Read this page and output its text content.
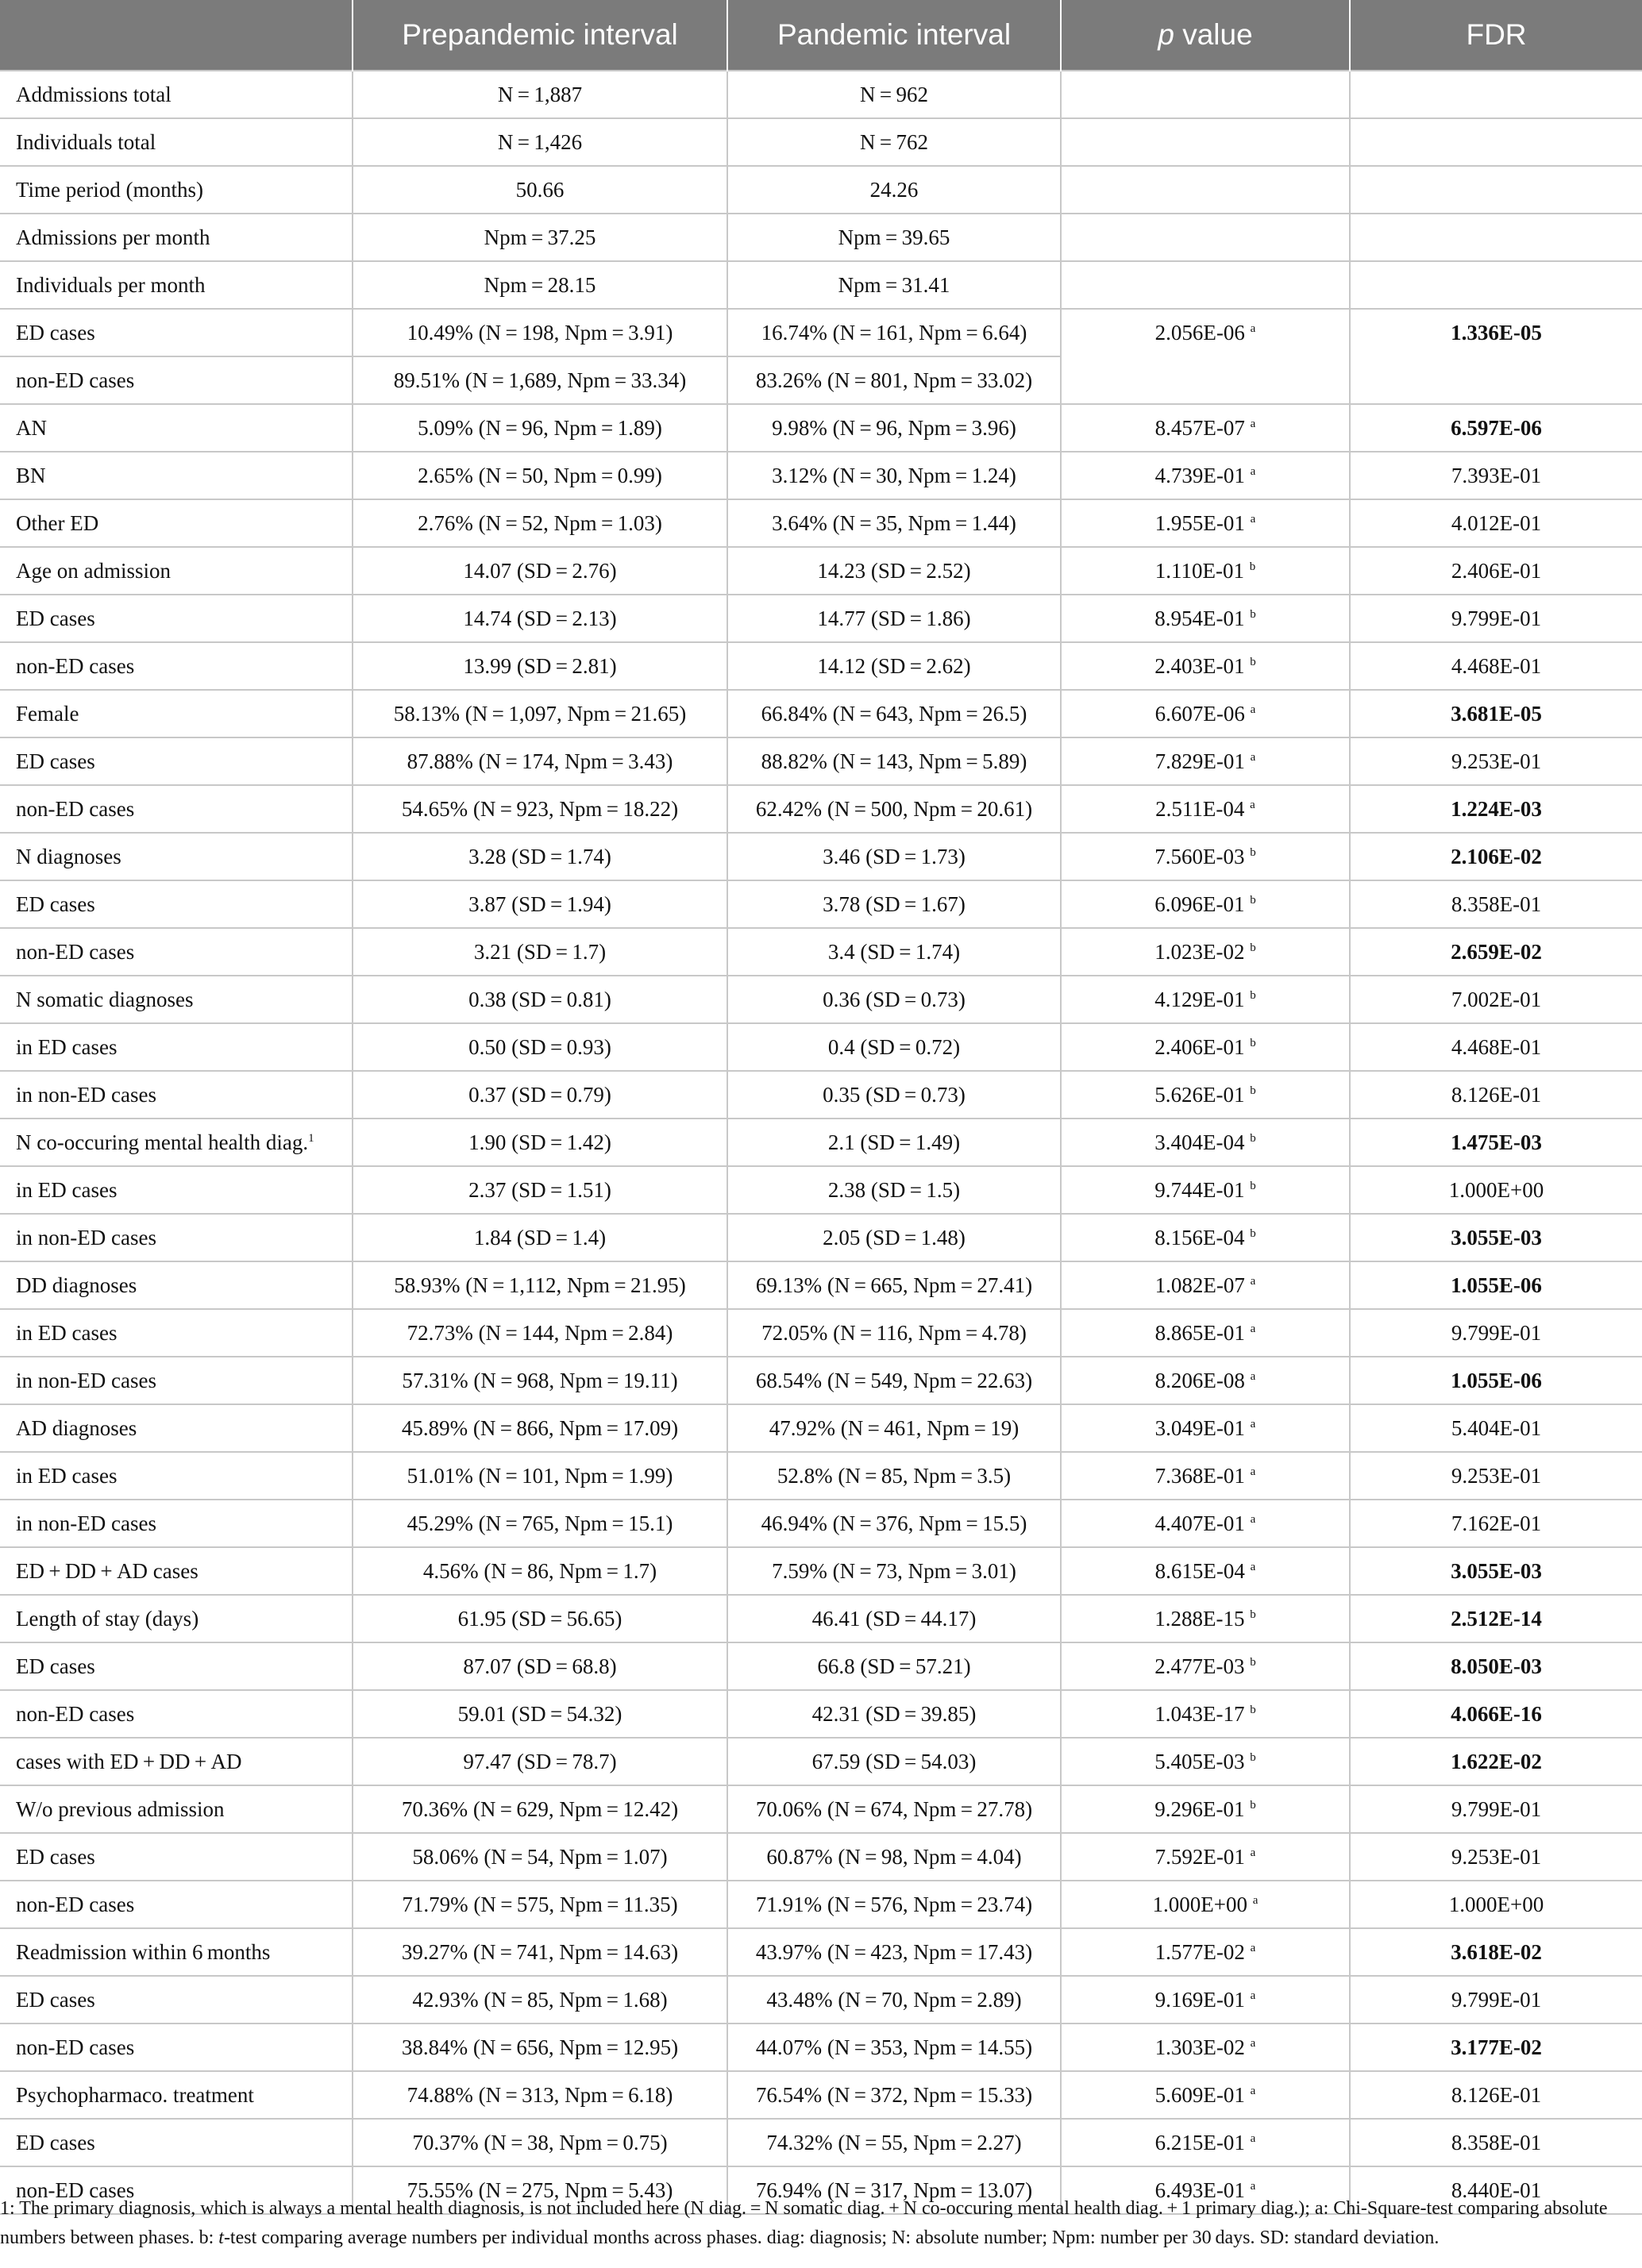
	Prepandemic interval	Pandemic interval	p value	FDR
Addmissions total	N = 1,887	N = 962		
Individuals total	N = 1,426	N = 762		
Time period (months)	50.66	24.26		
Admissions per month	Npm = 37.25	Npm = 39.65		
Individuals per month	Npm = 28.15	Npm = 31.41		
ED cases	10.49% (N = 198, Npm = 3.91)	16.74% (N = 161, Npm = 6.64)	2.056E-06 $^a$	1.336E-05
non-ED cases	89.51% (N = 1,689, Npm = 33.34)	83.26% (N = 801, Npm = 33.02)		
AN	5.09% (N = 96, Npm = 1.89)	9.98% (N = 96, Npm = 3.96)	8.457E-07 $^a$	6.597E-06
BN	2.65% (N = 50, Npm = 0.99)	3.12% (N = 30, Npm = 1.24)	4.739E-01 $^a$	7.393E-01
Other ED	2.76% (N = 52, Npm = 1.03)	3.64% (N = 35, Npm = 1.44)	1.955E-01 $^a$	4.012E-01
Age on admission	14.07 (SD = 2.76)	14.23 (SD = 2.52)	1.110E-01 $^b$	2.406E-01
ED cases	14.74 (SD = 2.13)	14.77 (SD = 1.86)	8.954E-01 $^b$	9.799E-01
non-ED cases	13.99 (SD = 2.81)	14.12 (SD = 2.62)	2.403E-01 $^b$	4.468E-01
Female	58.13% (N = 1,097, Npm = 21.65)	66.84% (N = 643, Npm = 26.5)	6.607E-06 $^a$	3.681E-05
ED cases	87.88% (N = 174, Npm = 3.43)	88.82% (N = 143, Npm = 5.89)	7.829E-01 $^a$	9.253E-01
non-ED cases	54.65% (N = 923, Npm = 18.22)	62.42% (N = 500, Npm = 20.61)	2.511E-04 $^a$	1.224E-03
N diagnoses	3.28 (SD = 1.74)	3.46 (SD = 1.73)	7.560E-03 $^b$	2.106E-02
ED cases	3.87 (SD = 1.94)	3.78 (SD = 1.67)	6.096E-01 $^b$	8.358E-01
non-ED cases	3.21 (SD = 1.7)	3.4 (SD = 1.74)	1.023E-02 $^b$	2.659E-02
N somatic diagnoses	0.38 (SD = 0.81)	0.36 (SD = 0.73)	4.129E-01 $^b$	7.002E-01
in ED cases	0.50 (SD = 0.93)	0.4 (SD = 0.72)	2.406E-01 $^b$	4.468E-01
in non-ED cases	0.37 (SD = 0.79)	0.35 (SD = 0.73)	5.626E-01 $^b$	8.126E-01
N co-occuring mental health diag.$^1$	1.90 (SD = 1.42)	2.1 (SD = 1.49)	3.404E-04 $^b$	1.475E-03
in ED cases	2.37 (SD = 1.51)	2.38 (SD = 1.5)	9.744E-01 $^b$	1.000E+00
in non-ED cases	1.84 (SD = 1.4)	2.05 (SD = 1.48)	8.156E-04 $^b$	3.055E-03
DD diagnoses	58.93% (N = 1,112, Npm = 21.95)	69.13% (N = 665, Npm = 27.41)	1.082E-07 $^a$	1.055E-06
in ED cases	72.73% (N = 144, Npm = 2.84)	72.05% (N = 116, Npm = 4.78)	8.865E-01 $^a$	9.799E-01
in non-ED cases	57.31% (N = 968, Npm = 19.11)	68.54% (N = 549, Npm = 22.63)	8.206E-08 $^a$	1.055E-06
AD diagnoses	45.89% (N = 866, Npm = 17.09)	47.92% (N = 461, Npm = 19)	3.049E-01 $^a$	5.404E-01
in ED cases	51.01% (N = 101, Npm = 1.99)	52.8% (N = 85, Npm = 3.5)	7.368E-01 $^a$	9.253E-01
in non-ED cases	45.29% (N = 765, Npm = 15.1)	46.94% (N = 376, Npm = 15.5)	4.407E-01 $^a$	7.162E-01
ED + DD + AD cases	4.56% (N = 86, Npm = 1.7)	7.59% (N = 73, Npm = 3.01)	8.615E-04 $^a$	3.055E-03
Length of stay (days)	61.95 (SD = 56.65)	46.41 (SD = 44.17)	1.288E-15 $^b$	2.512E-14
ED cases	87.07 (SD = 68.8)	66.8 (SD = 57.21)	2.477E-03 $^b$	8.050E-03
non-ED cases	59.01 (SD = 54.32)	42.31 (SD = 39.85)	1.043E-17 $^b$	4.066E-16
cases with ED + DD + AD	97.47 (SD = 78.7)	67.59 (SD = 54.03)	5.405E-03 $^b$	1.622E-02
W/o previous admission	70.36% (N = 629, Npm = 12.42)	70.06% (N = 674, Npm = 27.78)	9.296E-01 $^b$	9.799E-01
ED cases	58.06% (N = 54, Npm = 1.07)	60.87% (N = 98, Npm = 4.04)	7.592E-01 $^a$	9.253E-01
non-ED cases	71.79% (N = 575, Npm = 11.35)	71.91% (N = 576, Npm = 23.74)	1.000E+00 $^a$	1.000E+00
Readmission within 6 months	39.27% (N = 741, Npm = 14.63)	43.97% (N = 423, Npm = 17.43)	1.577E-02 $^a$	3.618E-02
ED cases	42.93% (N = 85, Npm = 1.68)	43.48% (N = 70, Npm = 2.89)	9.169E-01 $^a$	9.799E-01
non-ED cases	38.84% (N = 656, Npm = 12.95)	44.07% (N = 353, Npm = 14.55)	1.303E-02 $^a$	3.177E-02
Psychopharmaco. treatment	74.88% (N = 313, Npm = 6.18)	76.54% (N = 372, Npm = 15.33)	5.609E-01 $^a$	8.126E-01
ED cases	70.37% (N = 38, Npm = 0.75)	74.32% (N = 55, Npm = 2.27)	6.215E-01 $^a$	8.358E-01
non-ED cases	75.55% (N = 275, Npm = 5.43)	76.94% (N = 317, Npm = 13.07)	6.493E-01 $^a$	8.440E-01
1: The primary diagnosis, which is always a mental health diagnosis, is not included here (N diag. = N somatic diag. + N co-occuring mental health diag. + 1 primary diag.); a: Chi-Square-test comparing absolute numbers between phases. b: t-test comparing average numbers per individual months across phases. diag: diagnosis; N: absolute number; Npm: number per 30 days. SD: standard deviation.
